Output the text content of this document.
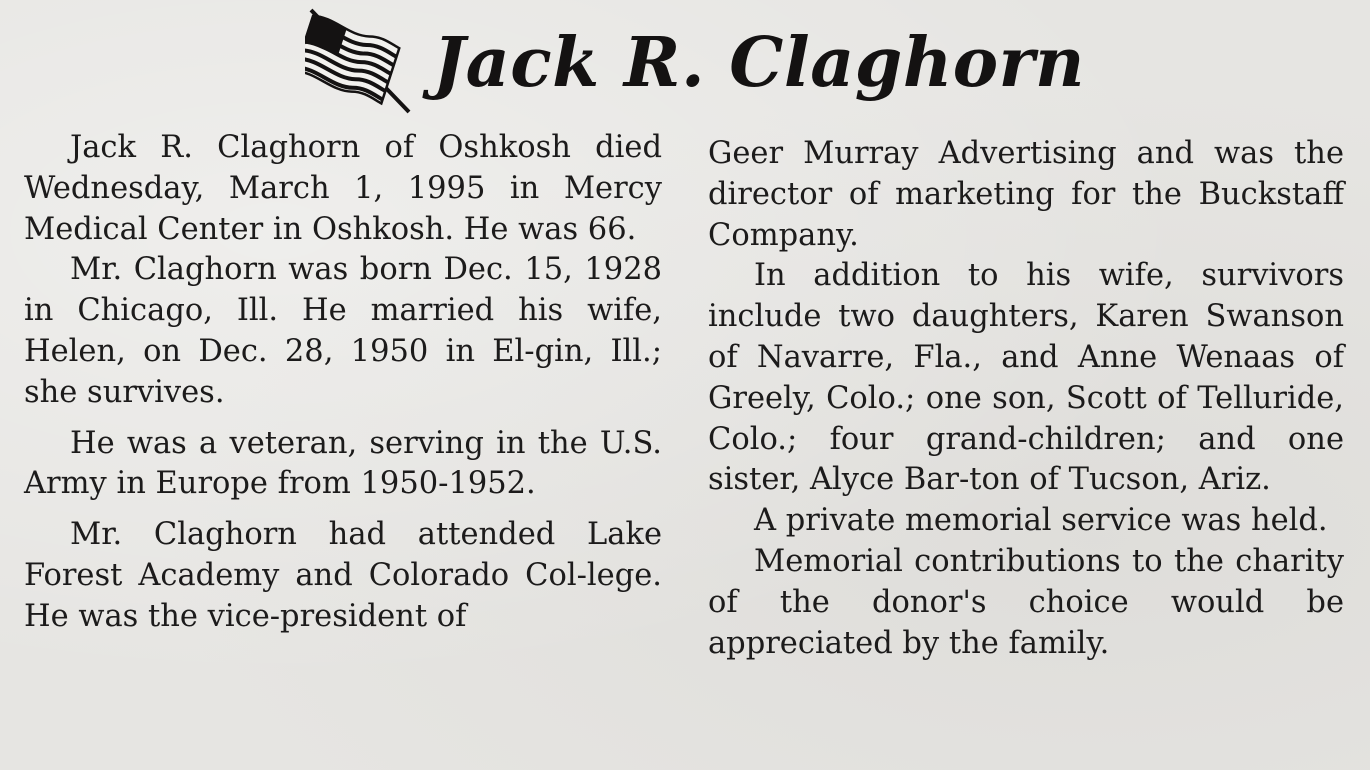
Jack R. Claghorn

Jack R. Claghorn of Oshkosh died Wednesday, March 1, 1995 in Mercy Medical Center in Oshkosh. He was 66.

Mr. Claghorn was born Dec. 15, 1928 in Chicago, Ill. He married his wife, Helen, on Dec. 28, 1950 in El-gin, Ill.; she survives.

He was a veteran, serving in the U.S. Army in Europe from 1950-1952.

Mr. Claghorn had attended Lake Forest Academy and Colorado Col-lege. He was the vice-president of

Geer Murray Advertising and was the director of marketing for the Buckstaff Company.

In addition to his wife, survivors include two daughters, Karen Swanson of Navarre, Fla., and Anne Wenaas of Greely, Colo.; one son, Scott of Telluride, Colo.; four grand-children; and one sister, Alyce Bar-ton of Tucson, Ariz.

A private memorial service was held.

Memorial contributions to the charity of the donor's choice would be appreciated by the family.
